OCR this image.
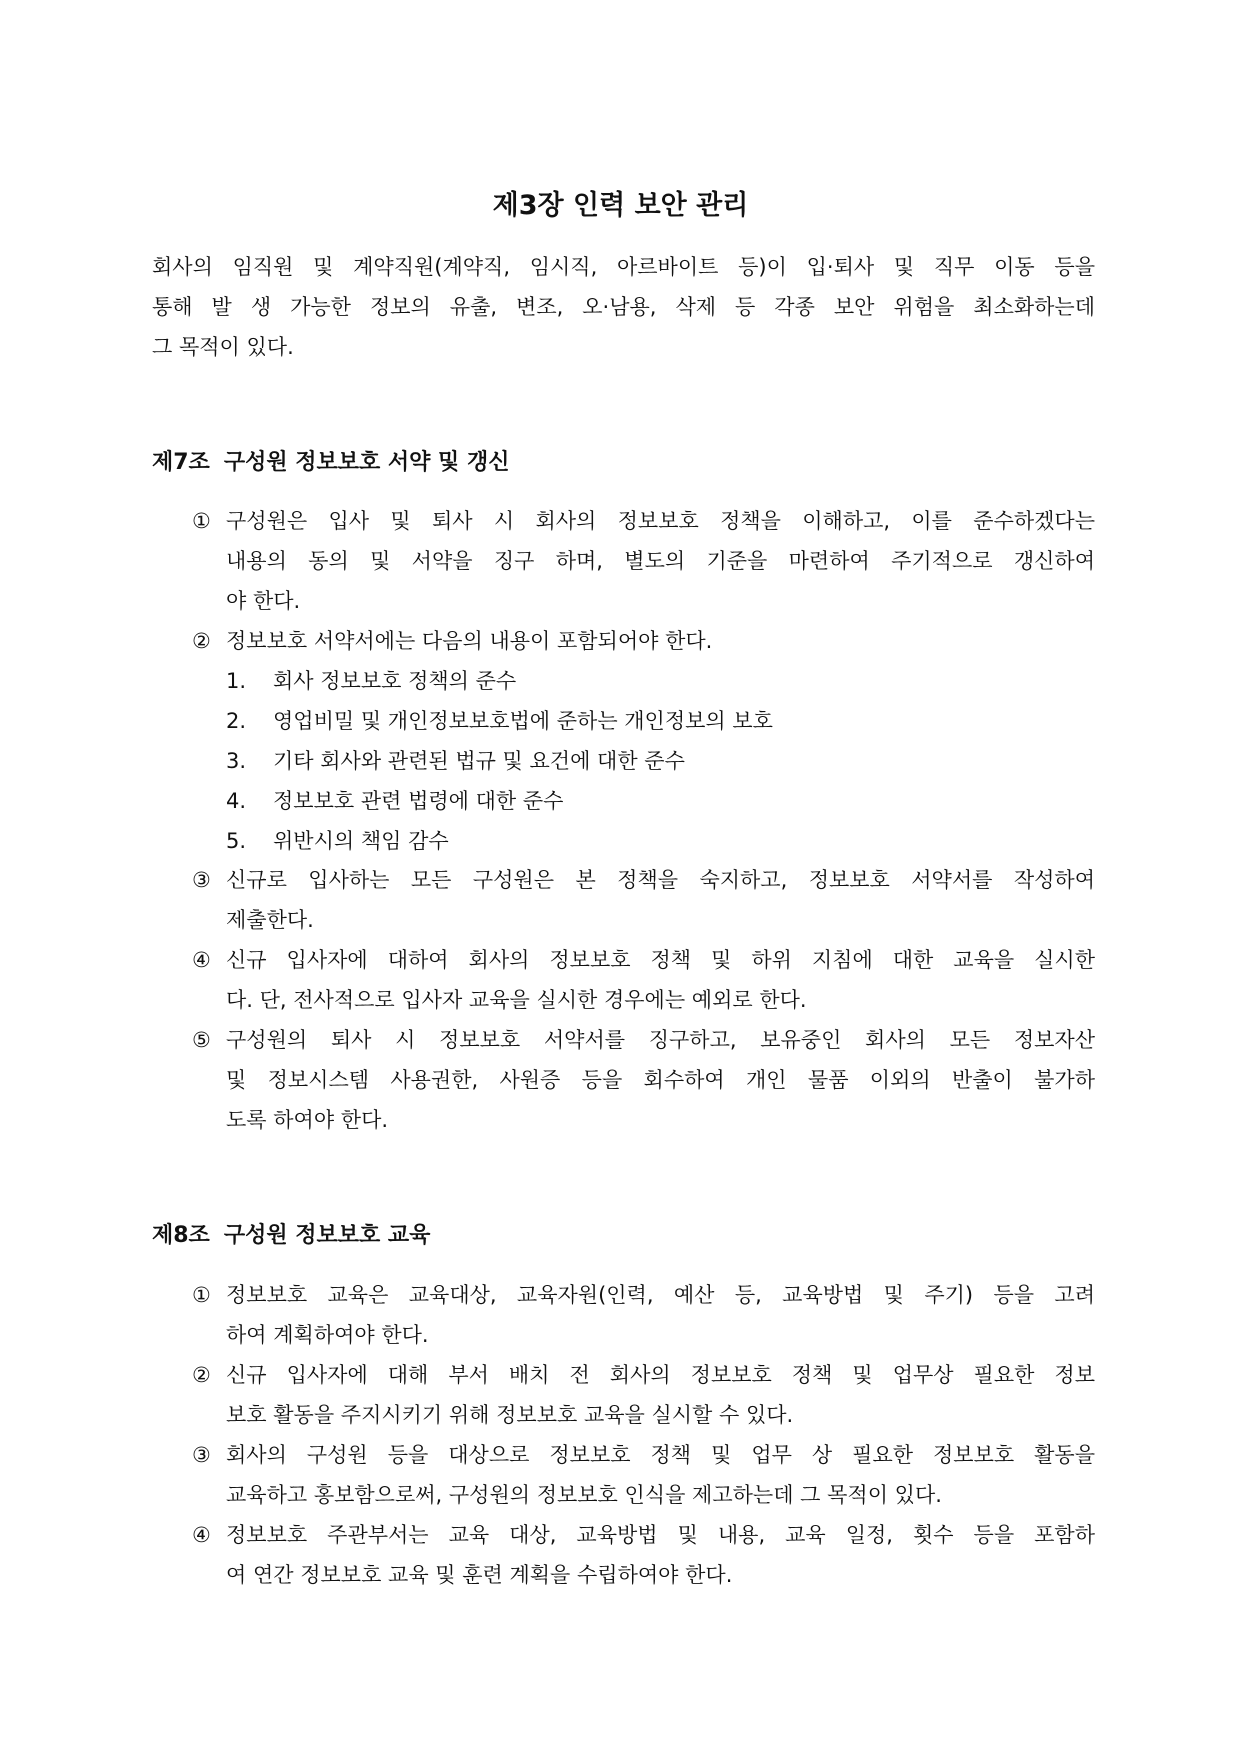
제3장 인력 보안 관리
회사의 임직원 및 계약직원(계약직, 임시직, 아르바이트 등)이 입·퇴사 및 직무 이동 등을
통해 발 생 가능한 정보의 유출, 변조, 오·남용, 삭제 등 각종 보안 위험을 최소화하는데
그 목적이 있다.
제7조 구성원 정보보호 서약 및 갱신
① 구성원은 입사 및 퇴사 시 회사의 정보보호 정책을 이해하고, 이를 준수하겠다는
내용의 동의 및 서약을 징구 하며, 별도의 기준을 마련하여 주기적으로 갱신하여
야 한다.
② 정보보호 서약서에는 다음의 내용이 포함되어야 한다.
③ 신규로 입사하는 모든 구성원은 본 정책을 숙지하고, 정보보호 서약서를 작성하여
제출한다.
④ 신규 입사자에 대하여 회사의 정보보호 정책 및 하위 지침에 대한 교육을 실시한
다. 단, 전사적으로 입사자 교육을 실시한 경우에는 예외로 한다.
⑤ 구성원의 퇴사 시 정보보호 서약서를 징구하고, 보유중인 회사의 모든 정보자산
및 정보시스템 사용권한, 사원증 등을 회수하여 개인 물품 이외의 반출이 불가하
도록 하여야 한다.
1. 회사 정보보호 정책의 준수
2. 영업비밀 및 개인정보보호법에 준하는 개인정보의 보호
3. 기타 회사와 관련된 법규 및 요건에 대한 준수
4. 정보보호 관련 법령에 대한 준수
5. 위반시의 책임 감수
제8조 구성원 정보보호 교육
① 정보보호 교육은 교육대상, 교육자원(인력, 예산 등, 교육방법 및 주기) 등을 고려
하여 계획하여야 한다.
② 신규 입사자에 대해 부서 배치 전 회사의 정보보호 정책 및 업무상 필요한 정보
보호 활동을 주지시키기 위해 정보보호 교육을 실시할 수 있다.
③ 회사의 구성원 등을 대상으로 정보보호 정책 및 업무 상 필요한 정보보호 활동을
교육하고 홍보함으로써, 구성원의 정보보호 인식을 제고하는데 그 목적이 있다.
④ 정보보호 주관부서는 교육 대상, 교육방법 및 내용, 교육 일정, 횟수 등을 포함하
여 연간 정보보호 교육 및 훈련 계획을 수립하여야 한다.
